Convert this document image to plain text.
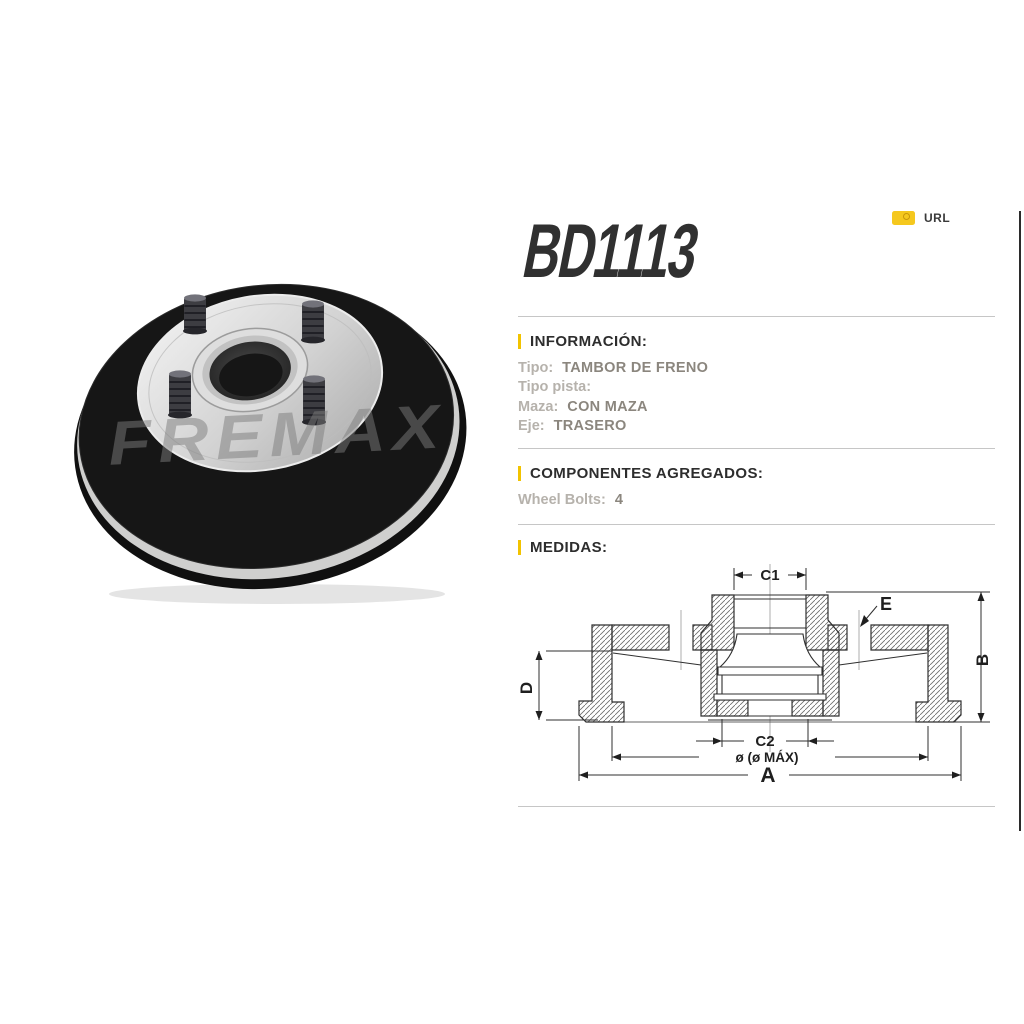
FREMAX
BD1113	URL
INFORMACIÓN:
Tipo: TAMBOR DE FRENO
Tipo pista:
Maza: CON MAZA
Eje: TRASERO
COMPONENTES AGREGADOS:
Wheel Bolts: 4
MEDIDAS:
C1
E
B
D
C2
ø (ø MÁX)
A
